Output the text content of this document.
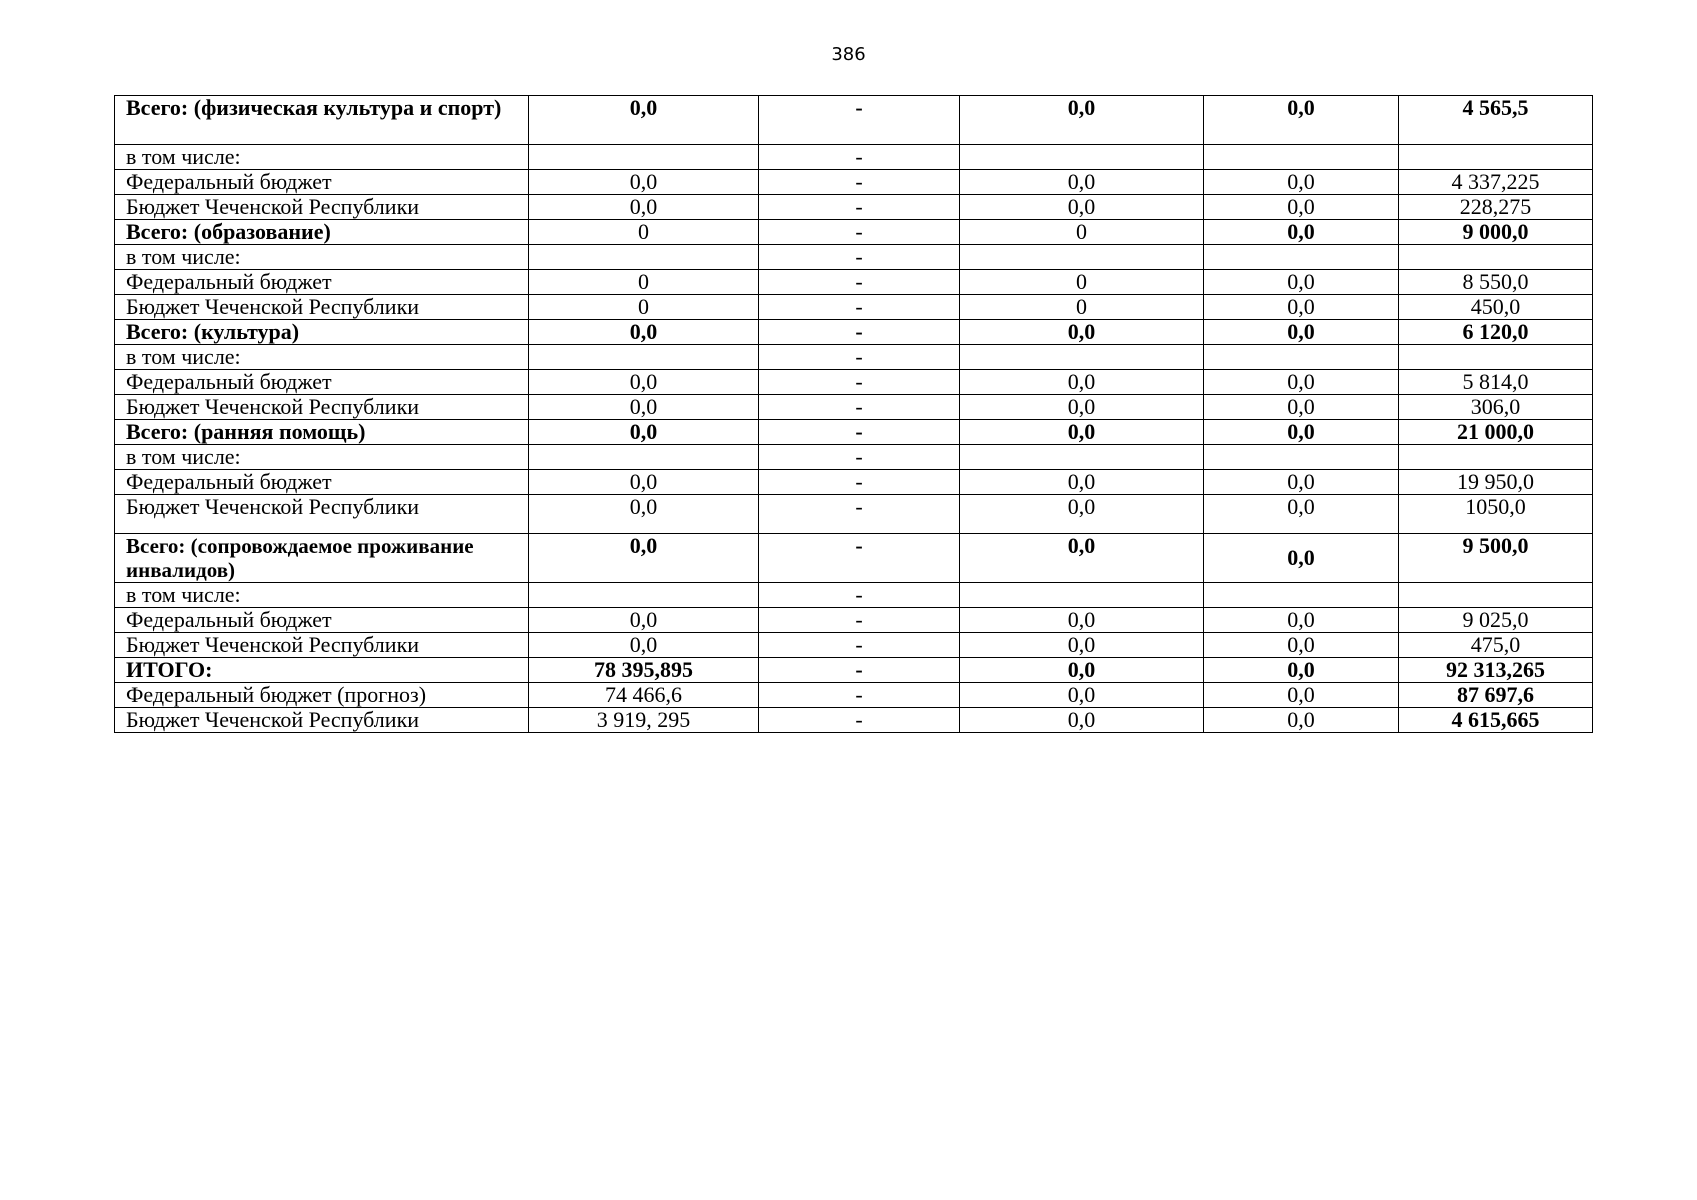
386
Всего: (физическая культура и спорт)	0,0	-	0,0	0,0	4 565,5
в том числе:		-			
Федеральный бюджет	0,0	-	0,0	0,0	4 337,225
Бюджет Чеченской Республики	0,0	-	0,0	0,0	228,275
Всего: (образование)	0	-	0	0,0	9 000,0
в том числе:		-			
Федеральный бюджет	0	-	0	0,0	8 550,0
Бюджет Чеченской Республики	0	-	0	0,0	450,0
Всего: (культура)	0,0	-	0,0	0,0	6 120,0
в том числе:		-			
Федеральный бюджет	0,0	-	0,0	0,0	5 814,0
Бюджет Чеченской Республики	0,0	-	0,0	0,0	306,0
Всего: (ранняя помощь)	0,0	-	0,0	0,0	21 000,0
в том числе:		-			
Федеральный бюджет	0,0	-	0,0	0,0	19 950,0
Бюджет Чеченской Республики	0,0	-	0,0	0,0	1050,0
Всего: (сопровождаемое проживание инвалидов)	0,0	-	0,0	0,0	9 500,0
в том числе:		-			
Федеральный бюджет	0,0	-	0,0	0,0	9 025,0
Бюджет Чеченской Республики	0,0	-	0,0	0,0	475,0
ИТОГО:	78 395,895	-	0,0	0,0	92 313,265
Федеральный бюджет (прогноз)	74 466,6	-	0,0	0,0	87 697,6
Бюджет Чеченской Республики	3 919, 295	-	0,0	0,0	4 615,665
